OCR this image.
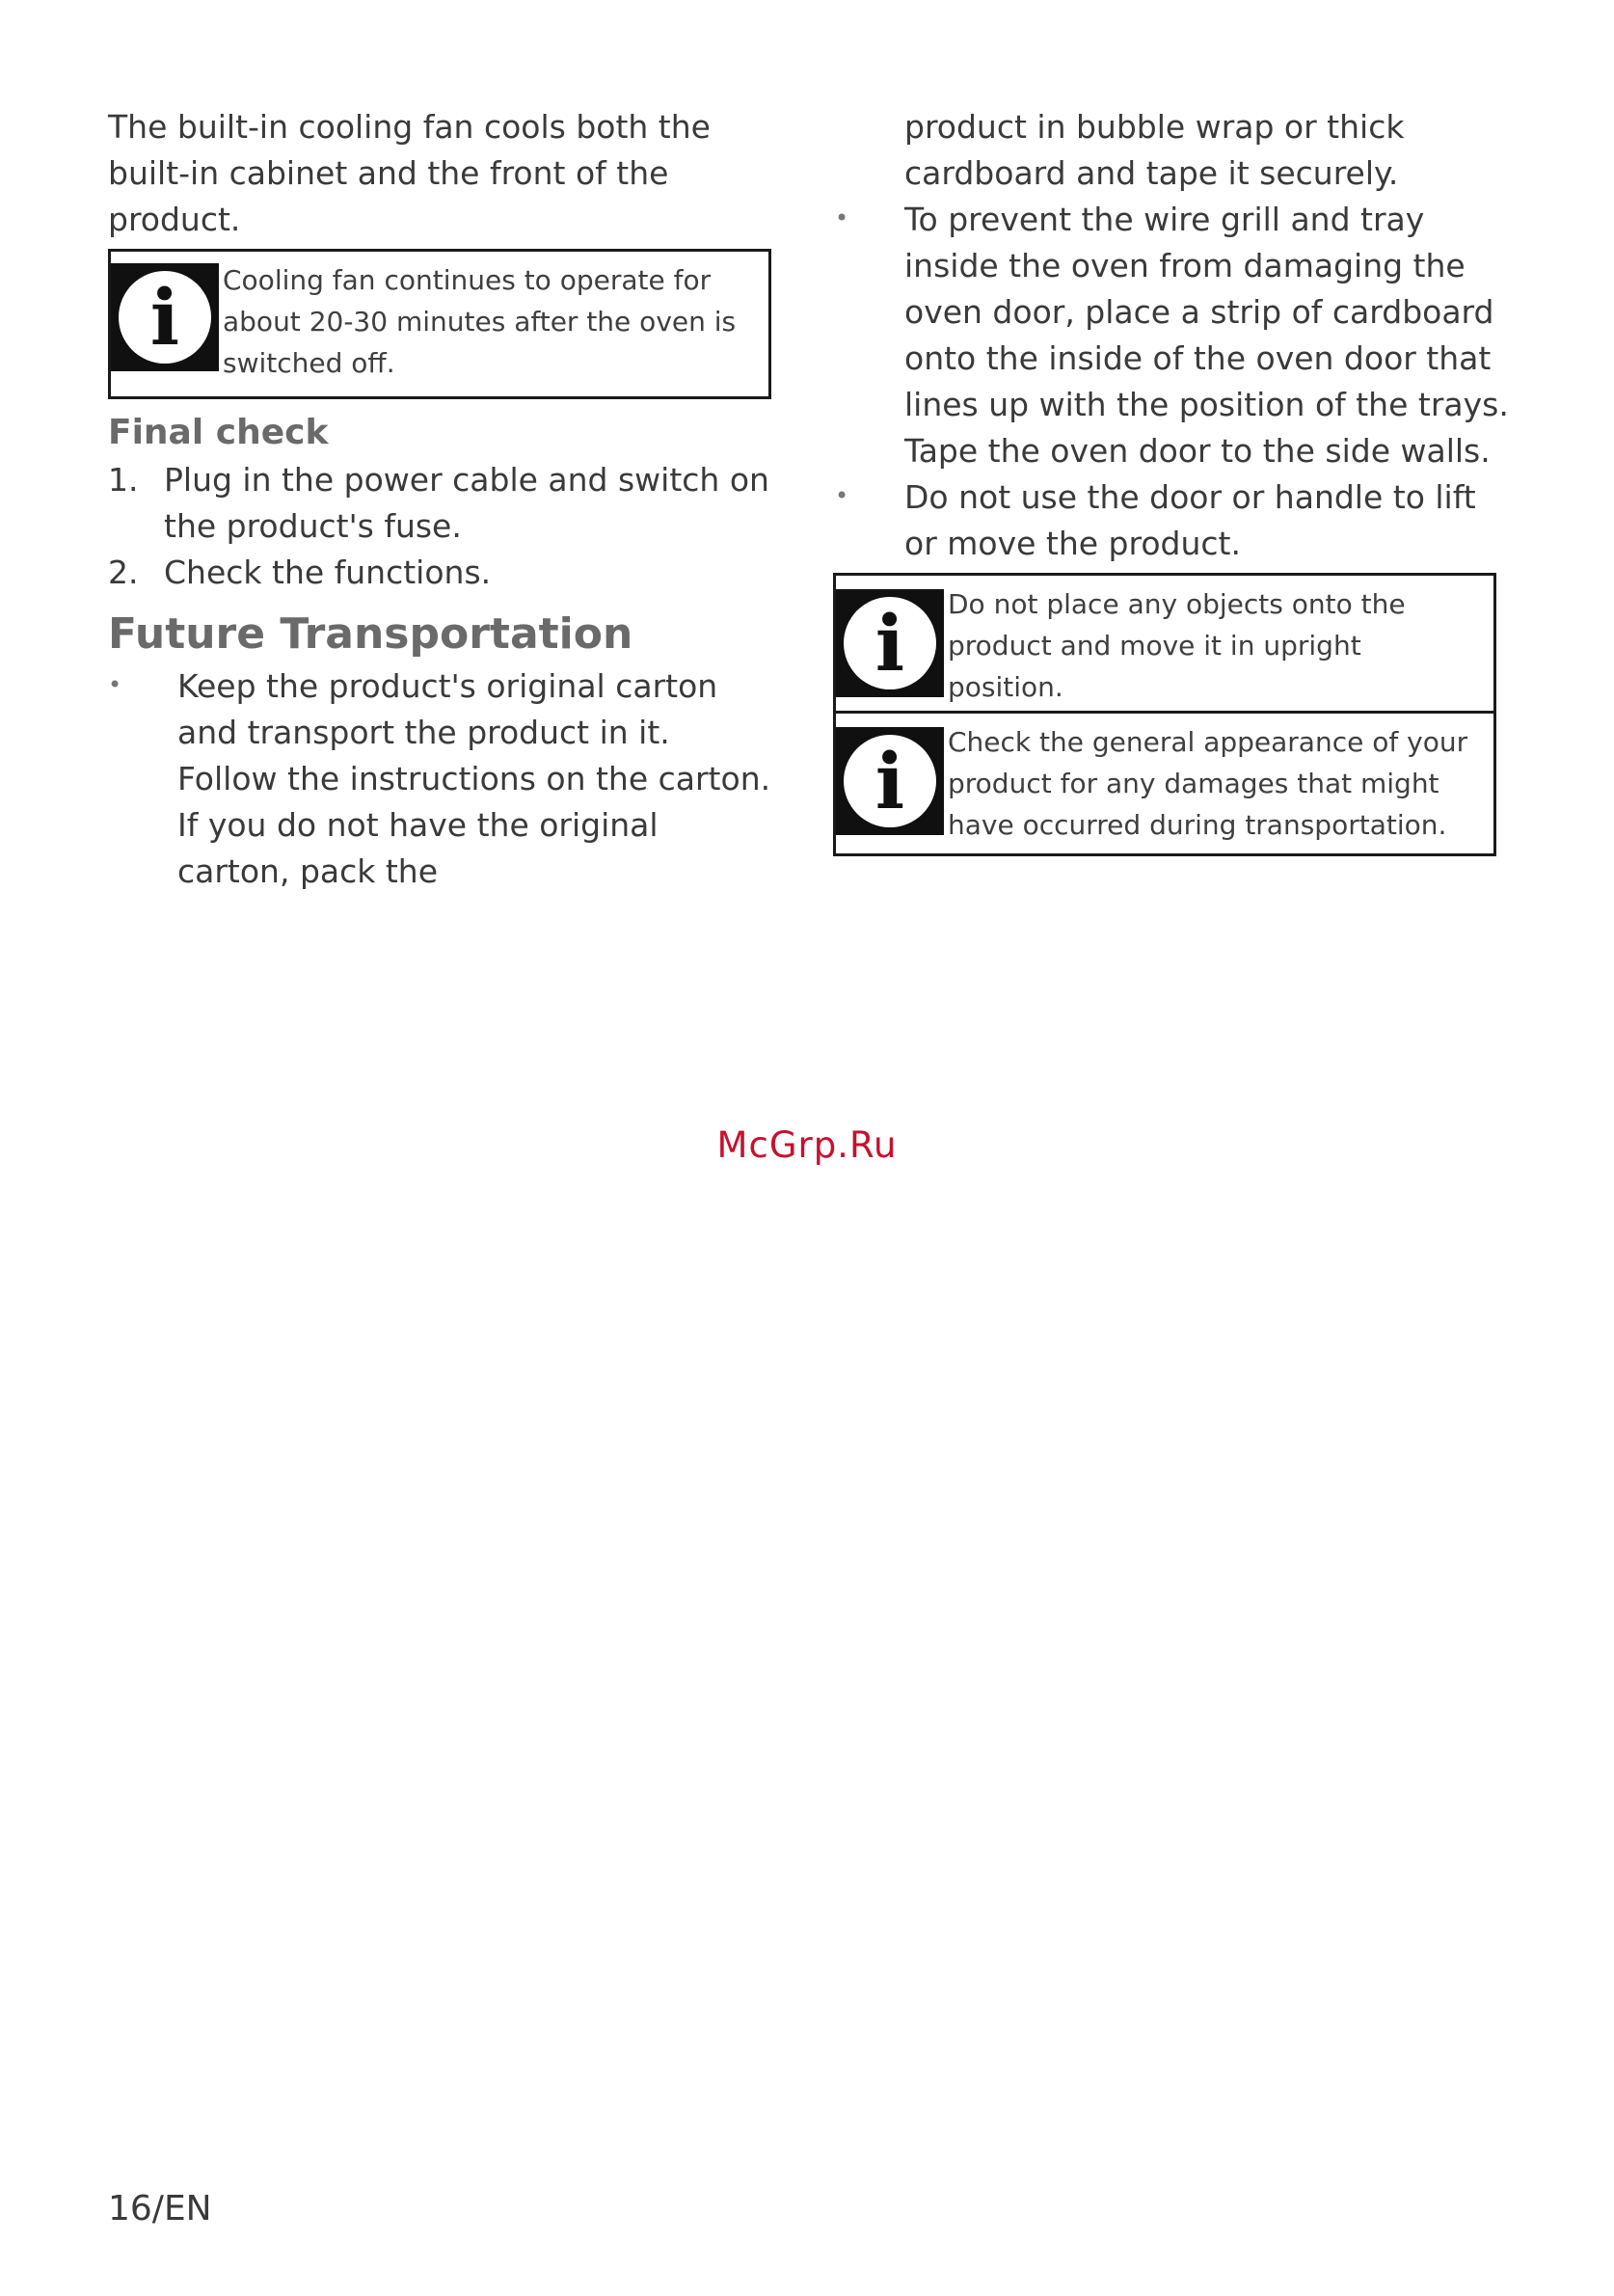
The built-in cooling fan cools both the built-in cabinet and the front of the product.

i Cooling fan continues to operate for about 20-30 minutes after the oven is switched off.
Final check
1. Plug in the power cable and switch on the product's fuse.
2. Check the functions.
Future Transportation
•	Keep the product's original carton and transport the product in it. Follow the instructions on the carton. If you do not have the original carton, pack the
product in bubble wrap or thick cardboard and tape it securely.
•	To prevent the wire grill and tray inside the oven from damaging the oven door, place a strip of cardboard onto the inside of the oven door that lines up with the position of the trays. Tape the oven door to the side walls.
•	Do not use the door or handle to lift or move the product.
i Do not place any objects onto the product and move it in upright position.
i Check the general appearance of your product for any damages that might have occurred during transportation.
McGrp.Ru
16/EN
